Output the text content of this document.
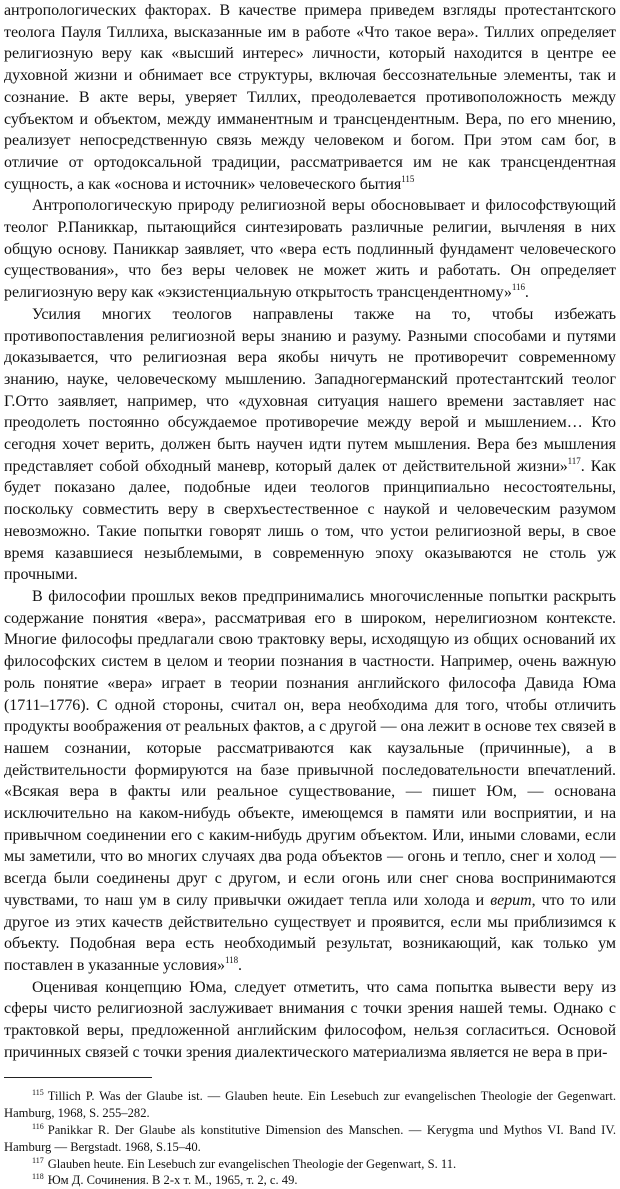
антропологических факторах. В качестве примера приведем взгляды протестантского теолога Пауля Тиллиха, высказанные им в работе «Что такое вера». Тиллих определяет религиозную веру как «высший интерес» личности, который находится в центре ее духовной жизни и обнимает все структуры, включая бессознательные элементы, так и сознание. В акте веры, уверяет Тиллих, преодолевается противоположность между субъектом и объектом, между имманентным и трансцендентным. Вера, по его мнению, реализует непосредственную связь между человеком и богом. При этом сам бог, в отличие от ортодоксальной традиции, рассматривается им не как трансцендентная сущность, а как «основа и источник» человеческого бытия$^{115}$

Антропологическую природу религиозной веры обосновывает и философствующий теолог Р.Паниккар, пытающийся синтезировать различные религии, вычленяя в них общую основу. Паниккар заявляет, что «вера есть подлинный фундамент человеческого существования», что без веры человек не может жить и работать. Он определяет религиозную веру как «экзистенциальную открытость трансцендентному»$^{116}$.

Усилия многих теологов направлены также на то, чтобы избежать противопоставления религиозной веры знанию и разуму. Разными способами и путями доказывается, что религиозная вера якобы ничуть не противоречит современному знанию, науке, человеческому мышлению. Западногерманский протестантский теолог Г.Отто заявляет, например, что «духовная ситуация нашего времени заставляет нас преодолеть постоянно обсуждаемое противоречие между верой и мышлением… Кто сегодня хочет верить, должен быть научен идти путем мышления. Вера без мышления представляет собой обходный маневр, который далек от действительной жизни»$^{117}$. Как будет показано далее, подобные идеи теологов принципиально несостоятельны, поскольку совместить веру в сверхъестественное с наукой и человеческим разумом невозможно. Такие попытки говорят лишь о том, что устои религиозной веры, в свое время казавшиеся незыблемыми, в современную эпоху оказываются не столь уж прочными.

В философии прошлых веков предпринимались многочисленные попытки раскрыть содержание понятия «вера», рассматривая его в широком, нерелигиозном контексте. Многие философы предлагали свою трактовку веры, исходящую из общих оснований их философских систем в целом и теории познания в частности. Например, очень важную роль понятие «вера» играет в теории познания английского философа Давида Юма (1711–1776). С одной стороны, считал он, вера необходима для того, чтобы отличить продукты воображения от реальных фактов, а с другой — она лежит в основе тех связей в нашем сознании, которые рассматриваются как каузальные (причинные), а в действительности формируются на базе привычной последовательности впечатлений. «Всякая вера в факты или реальное существование, — пишет Юм, — основана исключительно на каком-нибудь объекте, имеющемся в памяти или восприятии, и на привычном соединении его с каким-нибудь другим объектом. Или, иными словами, если мы заметили, что во многих случаях два рода объектов — огонь и тепло, снег и холод — всегда были соединены друг с другом, и если огонь или снег снова воспринимаются чувствами, то наш ум в силу привычки ожидает тепла или холода и верит, что то или другое из этих качеств действительно существует и проявится, если мы приблизимся к объекту. Подобная вера есть необходимый результат, возникающий, как только ум поставлен в указанные условия»$^{118}$.

Оценивая концепцию Юма, следует отметить, что сама попытка вывести веру из сферы чисто религиозной заслуживает внимания с точки зрения нашей темы. Однако с трактовкой веры, предложенной английским философом, нельзя согласиться. Основой причинных связей с точки зрения диалектического материализма является не вера в при-

$^{115}$ Tillich P. Was der Glaube ist. — Glauben heute. Ein Lesebuch zur evangelischen Theologie der Gegenwart. Hamburg, 1968, S. 255–282.

$^{116}$ Panikkar R. Der Glaube als konstitutive Dimension des Manschen. — Kerygma und Mythos VI. Band IV. Hamburg — Bergstadt. 1968, S.15–40.

$^{117}$ Glauben heute. Ein Lesebuch zur evangelischen Theologie der Gegenwart, S. 11.

$^{118}$ Юм Д. Сочинения. В 2-х т. М., 1965, т. 2, с. 49.
